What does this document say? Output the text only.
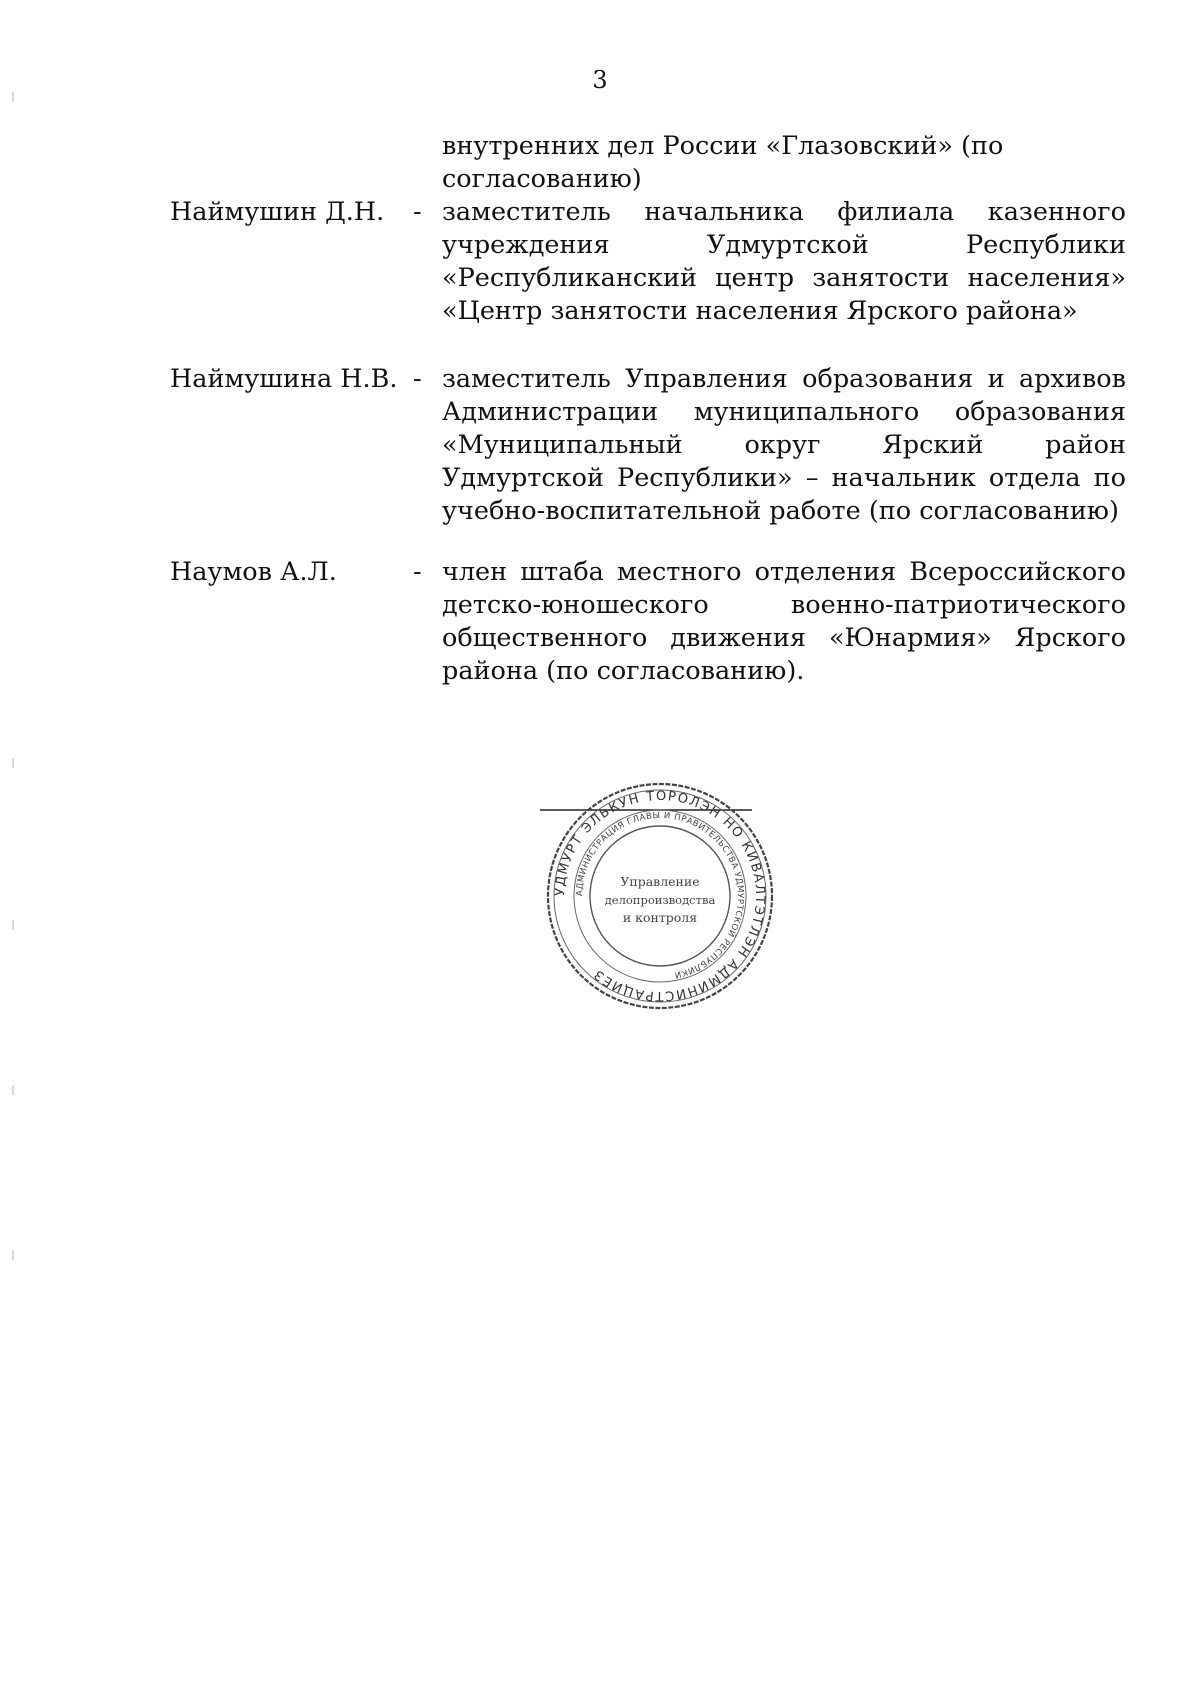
3
внутренних дел России «Глазовский» (по согласованию)
Наймушин Д.Н. - заместитель начальника филиала казенного учреждения Удмуртской Республики «Республиканский центр занятости населения» «Центр занятости населения Ярского района»
Наймушина Н.В. - заместитель Управления образования и архивов Администрации муниципального образования «Муниципальный округ Ярский район Удмуртской Республики» – начальник отдела по учебно-воспитательной работе (по согласованию)
Наумов А.Л.	- член штаба местного отделения Всероссийского детско-юношеского военно-патриотического общественного движения «Юнармия» Ярского района (по согласованию).
УДМУРТ ЭЛЬКУН ТОРОЛЭН НО КИВАЛТЭТЛЭН АДМИНИСТРАЦИЕЗ
АДМИНИСТРАЦИЯ ГЛАВЫ И ПРАВИТЕЛЬСТВА УДМУРТСКОЙ РЕСПУБЛИКИ
Управление
делопроизводства
и контроля
